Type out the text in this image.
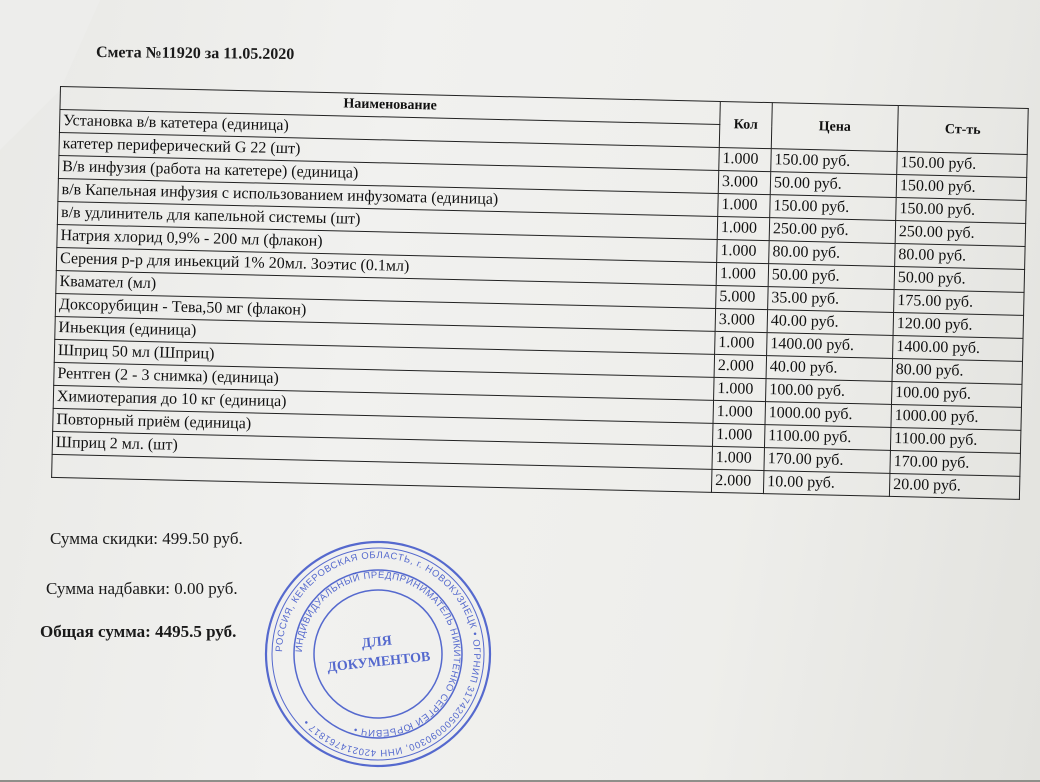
Смета №11920 за 11.05.2020
Наименование	Кол	Цена	Ст-ть
Установка в/в катетера (единица)			
катетер периферический G 22 (шт)	1.000	150.00 руб.	150.00 руб.
В/в инфузия (работа на катетере) (единица)	3.000	50.00 руб.	150.00 руб.
в/в Капельная инфузия с использованием инфузомата (единица)	1.000	150.00 руб.	150.00 руб.
в/в удлинитель для капельной системы (шт)	1.000	250.00 руб.	250.00 руб.
Натрия хлорид 0,9% - 200 мл (флакон)	1.000	80.00 руб.	80.00 руб.
Серения р-р для иньекций 1% 20мл. Зоэтис (0.1мл)	1.000	50.00 руб.	50.00 руб.
Квамател (мл)	5.000	35.00 руб.	175.00 руб.
Доксорубицин - Тева,50 мг (флакон)	3.000	40.00 руб.	120.00 руб.
Иньекция (единица)	1.000	1400.00 руб.	1400.00 руб.
Шприц 50 мл (Шприц)	2.000	40.00 руб.	80.00 руб.
Рентген (2 - 3 снимка) (единица)	1.000	100.00 руб.	100.00 руб.
Химиотерапия до 10 кг (единица)	1.000	1000.00 руб.	1000.00 руб.
Повторный приём (единица)	1.000	1100.00 руб.	1100.00 руб.
Шприц 2 мл. (шт)	1.000	170.00 руб.	170.00 руб.
	2.000	10.00 руб.	20.00 руб.
Сумма скидки: 499.50 руб.
Сумма надбавки: 0.00 руб.
Общая сумма: 4495.5 руб.
РОССИЯ, КЕМЕРОВСКАЯ ОБЛАСТЬ, г. НОВОКУЗНЕЦК • ОГРНИП 317420500090300, ИНН 420214761817 •
ИНДИВИДУАЛЬНЫЙ ПРЕДПРИНИМАТЕЛЬ НИКИТЕНКО СЕРГЕЙ ЮРЬЕВИЧ •
ДЛЯ
ДОКУМЕНТОВ
